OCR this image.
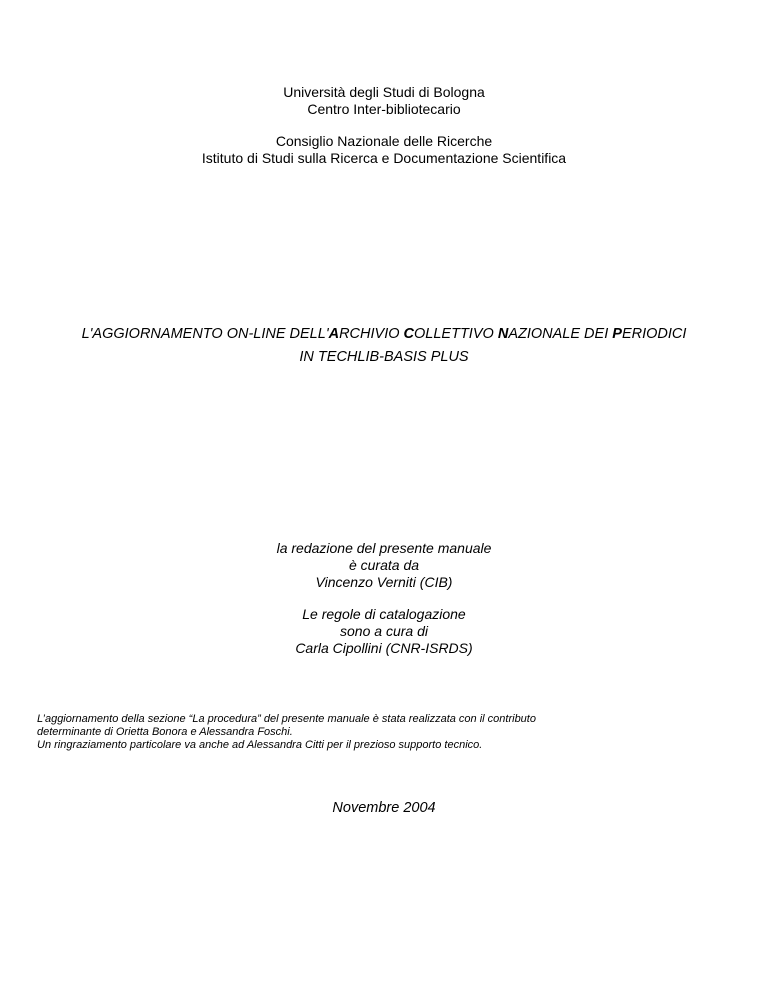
Università degli Studi di Bologna
Centro Inter-bibliotecario
Consiglio Nazionale delle Ricerche
Istituto di Studi sulla Ricerca e Documentazione Scientifica
L'AGGIORNAMENTO ON-LINE DELL'ARCHIVIO COLLETTIVO NAZIONALE DEI PERIODICI
IN TECHLIB-BASIS PLUS
la redazione del presente manuale
è curata da
Vincenzo Verniti (CIB)
Le regole di catalogazione
sono a cura di
Carla Cipollini (CNR-ISRDS)
L’aggiornamento della sezione “La procedura” del presente manuale è stata realizzata con il contributo
determinante di Orietta Bonora e Alessandra Foschi.
Un ringraziamento particolare va anche ad Alessandra Citti per il prezioso supporto tecnico.
Novembre 2004
